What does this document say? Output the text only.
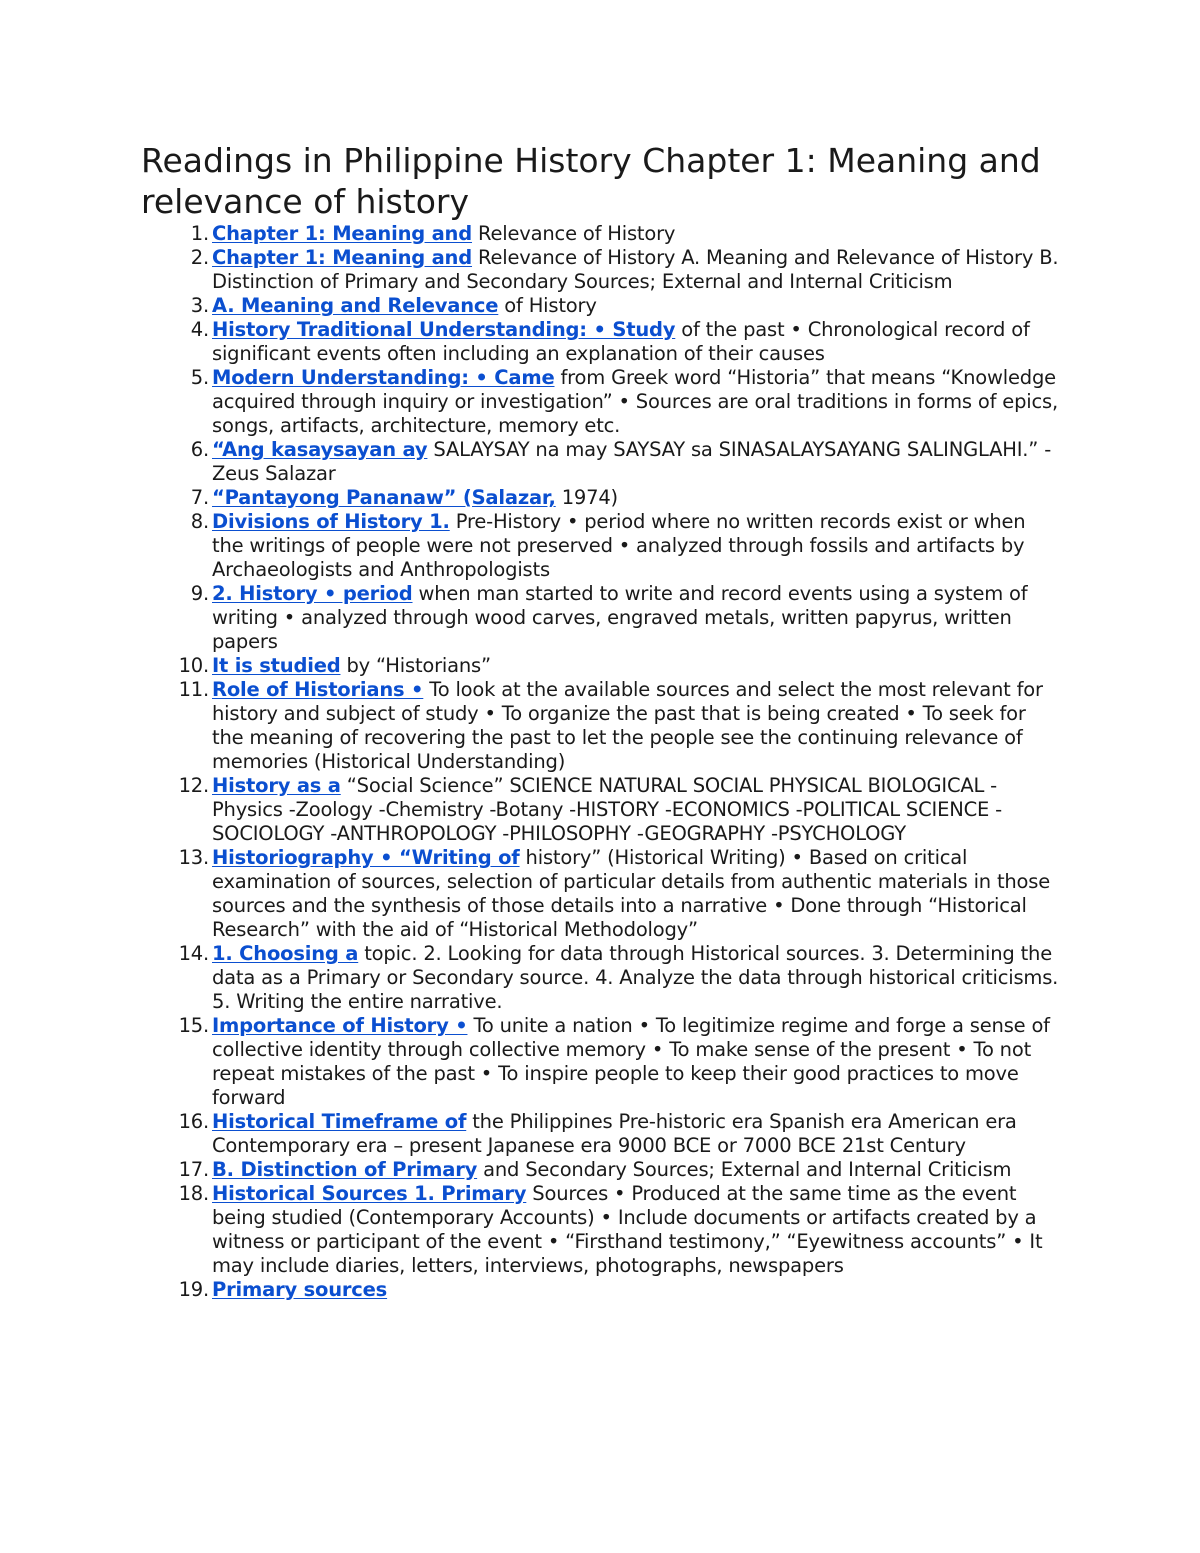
Readings in Philippine History Chapter 1: Meaning and relevance of history
1. Chapter 1: Meaning and Relevance of History
2. Chapter 1: Meaning and Relevance of History A. Meaning and Relevance of History B. Distinction of Primary and Secondary Sources; External and Internal Criticism
3. A. Meaning and Relevance of History
4. History Traditional Understanding: • Study of the past • Chronological record of significant events often including an explanation of their causes
5. Modern Understanding: • Came from Greek word “Historia” that means “Knowledge acquired through inquiry or investigation” • Sources are oral traditions in forms of epics, songs, artifacts, architecture, memory etc.
6. “Ang kasaysayan ay SALAYSAY na may SAYSAY sa SINASALAYSAYANG SALINGLAHI.” -Zeus Salazar
7. “Pantayong Pananaw” (Salazar, 1974)
8. Divisions of History 1. Pre-History • period where no written records exist or when the writings of people were not preserved • analyzed through fossils and artifacts by Archaeologists and Anthropologists
9. 2. History • period when man started to write and record events using a system of writing • analyzed through wood carves, engraved metals, written papyrus, written papers
10. It is studied by “Historians”
11. Role of Historians • To look at the available sources and select the most relevant for history and subject of study • To organize the past that is being created • To seek for the meaning of recovering the past to let the people see the continuing relevance of memories (Historical Understanding)
12. History as a “Social Science” SCIENCE NATURAL SOCIAL PHYSICAL BIOLOGICAL -Physics -Zoology -Chemistry -Botany -HISTORY -ECONOMICS -POLITICAL SCIENCE -SOCIOLOGY -ANTHROPOLOGY -PHILOSOPHY -GEOGRAPHY -PSYCHOLOGY
13. Historiography • “Writing of history” (Historical Writing) • Based on critical examination of sources, selection of particular details from authentic materials in those sources and the synthesis of those details into a narrative • Done through “Historical Research” with the aid of “Historical Methodology”
14. 1. Choosing a topic. 2. Looking for data through Historical sources. 3. Determining the data as a Primary or Secondary source. 4. Analyze the data through historical criticisms. 5. Writing the entire narrative.
15. Importance of History • To unite a nation • To legitimize regime and forge a sense of collective identity through collective memory • To make sense of the present • To not repeat mistakes of the past • To inspire people to keep their good practices to move forward
16. Historical Timeframe of the Philippines Pre-historic era Spanish era American era Contemporary era – present Japanese era 9000 BCE or 7000 BCE 21st Century
17. B. Distinction of Primary and Secondary Sources; External and Internal Criticism
18. Historical Sources 1. Primary Sources • Produced at the same time as the event being studied (Contemporary Accounts) • Include documents or artifacts created by a witness or participant of the event • “Firsthand testimony,” “Eyewitness accounts” • It may include diaries, letters, interviews, photographs, newspapers
19. Primary sources
